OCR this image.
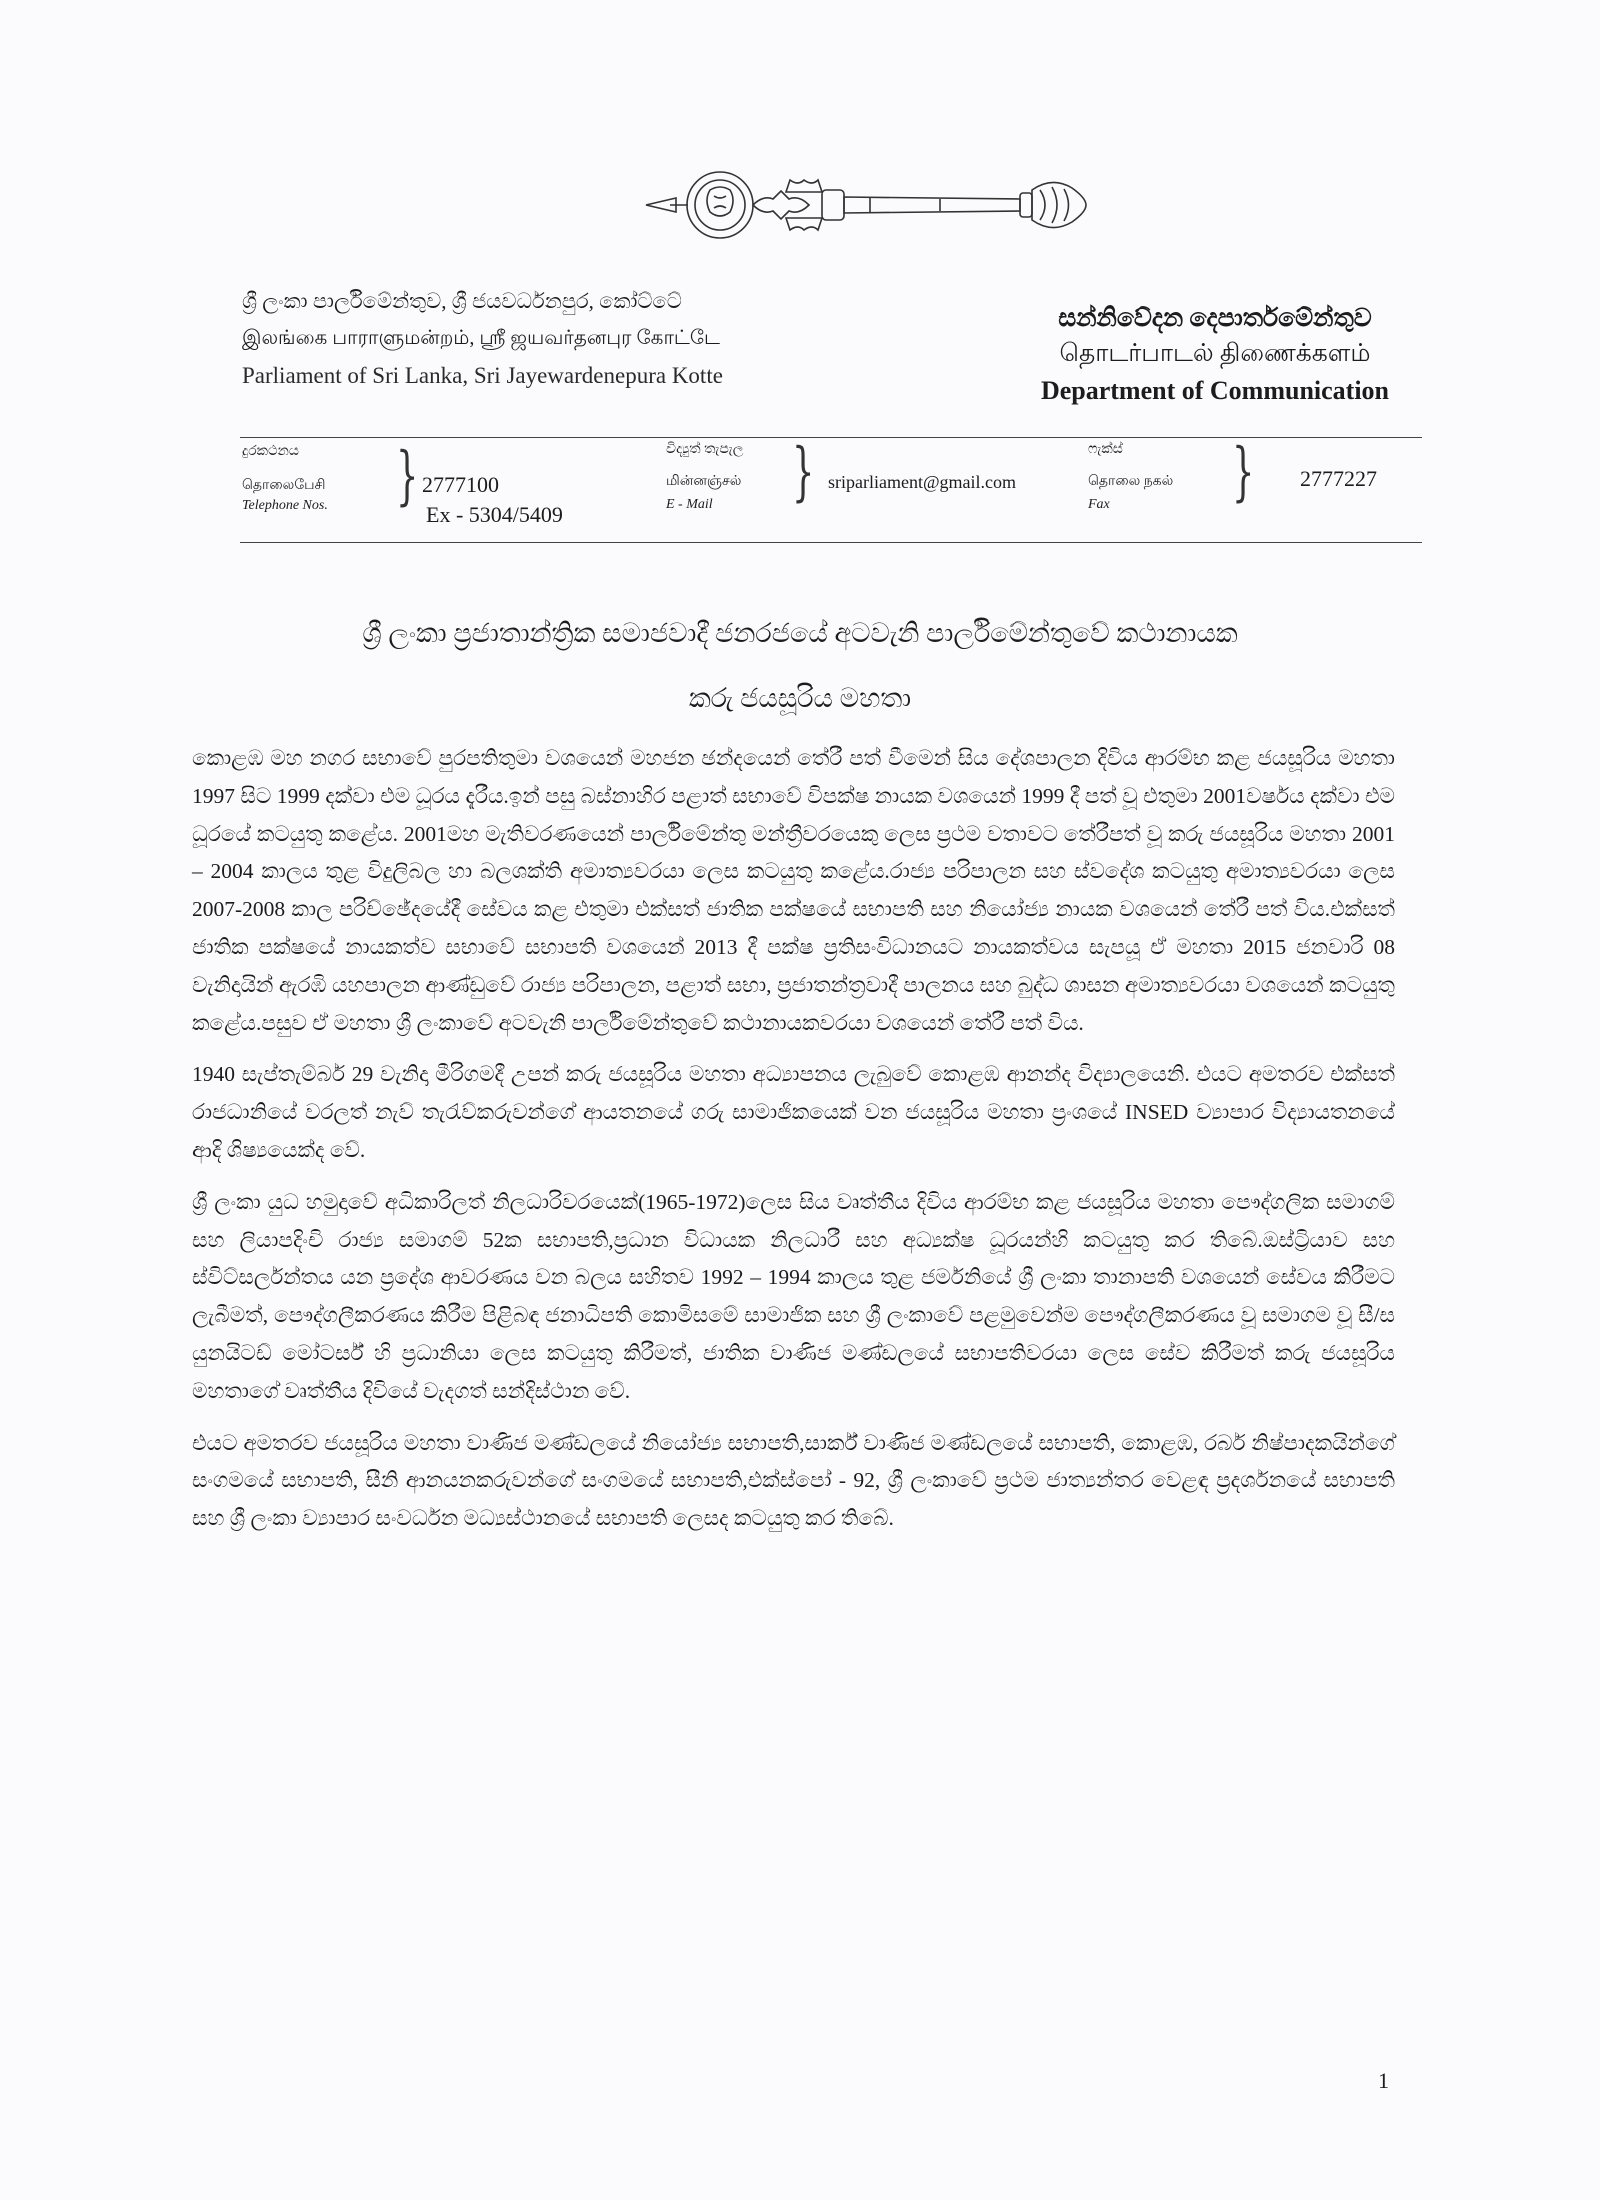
ශ්‍රී ලංකා පාර්ලිමේන්තුව, ශ්‍රී ජයවර්ධනපුර, කෝට්ටේ
இலங்கை பாராளுமன்றம், ஸ்ரீ ஜயவர்தனபுர கோட்டே
Parliament of Sri Lanka, Sri Jayewardenepura Kotte
සන්නිවේදන දෙපාර්තමේන්තුව
தொடர்பாடல் திணைக்களம்
Department of Communication
දුරකථනය
தொலைபேசி
Telephone Nos. } 2777100
Ex - 5304/5409
විද්‍යුත් තැපැල
மின்னஞ்சல்
E - Mail } sriparliament@gmail.com
ෆැක්ස්
தொலை நகல்
Fax } 2777227
ශ්‍රී ලංකා ප්‍රජාතාන්ත්‍රික සමාජවාදී ජනරජයේ අටවැනි පාර්ලිමේන්තුවේ කථානායක
කරු ජයසූරිය මහතා

කොළඹ මහ නගර සභාවේ පුරපතිතුමා වශයෙන් මහජන ඡන්දයෙන් තේරී පත් වීමෙන් සිය දේශපාලන දිවිය ආරම්භ කළ ජයසූරිය මහතා 1997 සිට 1999 දක්වා එම ධූරය දැරීය.ඉන් පසු බස්නාහිර පළාත් සභාවේ විපක්ෂ නායක වශයෙන් 1999 දී පත් වූ එතුමා 2001වර්ෂය දක්වා එම ධූරයේ කටයුතු කළේය. 2001මහ මැතිවරණයෙන් පාර්ලිමේන්තු මන්ත්‍රීවරයෙකු ලෙස ප්‍රථම වතාවට තේරීපත් වූ කරු ජයසූරිය මහතා 2001 – 2004 කාලය තුළ විදුලිබල හා බලශක්ති අමාත්‍යවරයා ලෙස කටයුතු කළේය.රාජ්‍ය පරිපාලන සහ ස්වදේශ කටයුතු අමාත්‍යවරයා ලෙස 2007-2008 කාල පරිච්ඡේදයේදී සේවය කළ එතුමා එක්සත් ජාතික පක්ෂයේ සභාපති සහ නියෝජ්‍ය නායක වශයෙන් තේරී පත් විය.එක්සත් ජාතික පක්ෂයේ නායකත්ව සභාවේ සභාපති වශයෙන් 2013 දී පක්ෂ ප්‍රතිසංවිධානයට නායකත්වය සැපයූ ඒ මහතා 2015 ජනවාරි 08 වැනිදායින් ඇරඹි යහපාලන ආණ්ඩුවේ රාජ්‍ය පරිපාලන, පළාත් සභා, ප්‍රජාතන්ත්‍රවාදී පාලනය සහ බුද්ධ ශාසන අමාත්‍යවරයා වශයෙන් කටයුතු කළේය.පසුව ඒ මහතා ශ්‍රී ලංකාවේ අටවැනි පාර්ලිමේන්තුවේ කථානායකවරයා වශයෙන් තේරී පත් විය.

1940 සැප්තැම්බර් 29 වැනිදා මීරිගමදී උපන් කරු ජයසූරිය මහතා අධ්‍යාපනය ලැබුවේ කොළඹ ආනන්ද විද්‍යාලයෙනි. එයට අමතරව එක්සත් රාජධානියේ වරලත් නැව් තැරැව්කරුවන්ගේ ආයතනයේ ගරු සාමාජිකයෙක් වන ජයසූරිය මහතා ප්‍රංශයේ INSED ව්‍යාපාර විද්‍යායතනයේ ආදි ශිෂ්‍යයෙක්ද වේ.

ශ්‍රී ලංකා යුධ හමුදාවේ අධිකාරිලත් නිලධාරිවරයෙක්(1965-1972)ලෙස සිය වෘත්තීය දිවිය ආරම්භ කළ ජයසූරිය මහතා පෞද්ගලික සමාගම් සහ ලියාපදිංචි රාජ්‍ය සමාගම් 52ක සභාපති,ප්‍රධාන විධායක නිලධාරී සහ අධ්‍යක්ෂ ධූරයන්හි කටයුතු කර තිබේ.ඔස්ට්‍රියාව සහ ස්විට්සර්ලන්තය යන ප්‍රදේශ ආවරණය වන බලය සහිතව 1992 – 1994 කාලය තුළ ජර්මනියේ ශ්‍රී ලංකා තානාපති වශයෙන් සේවය කිරීමට ලැබීමත්, පෞද්ගලීකරණය කිරීම පිළිබඳ ජනාධිපති කොමිසමේ සාමාජික සහ ශ්‍රී ලංකාවේ පළමුවෙන්ම පෞද්ගලීකරණය වූ සමාගම වූ සී/ස යුනයිටඩ් මෝටර්ස් හි ප්‍රධානියා ලෙස කටයුතු කිරීමත්, ජාතික වාණිජ මණ්ඩලයේ සභාපතිවරයා ලෙස සේව කිරීමත් කරු ජයසූරිය මහතාගේ වෘත්තීය දිවියේ වැදගත් සන්දිස්ථාන වේ.

එයට අමතරව ජයසූරිය මහතා වාණිජ මණ්ඩලයේ නියෝජ්‍ය සභාපති,සාර්ක් වාණිජ මණ්ඩලයේ සභාපති, කොළඹ, රබර් නිෂ්පාදකයින්ගේ සංගමයේ සභාපති, සීනි ආනයනකරුවන්ගේ සංගමයේ සභාපති,එක්ස්පෝ - 92, ශ්‍රී ලංකාවේ ප්‍රථම ජාත්‍යන්තර වෙළඳ ප්‍රදර්ශනයේ සභාපති සහ ශ්‍රී ලංකා ව්‍යාපාර සංවර්ධන මධ්‍යස්ථානයේ සභාපති ලෙසද කටයුතු කර තිබේ.

1
